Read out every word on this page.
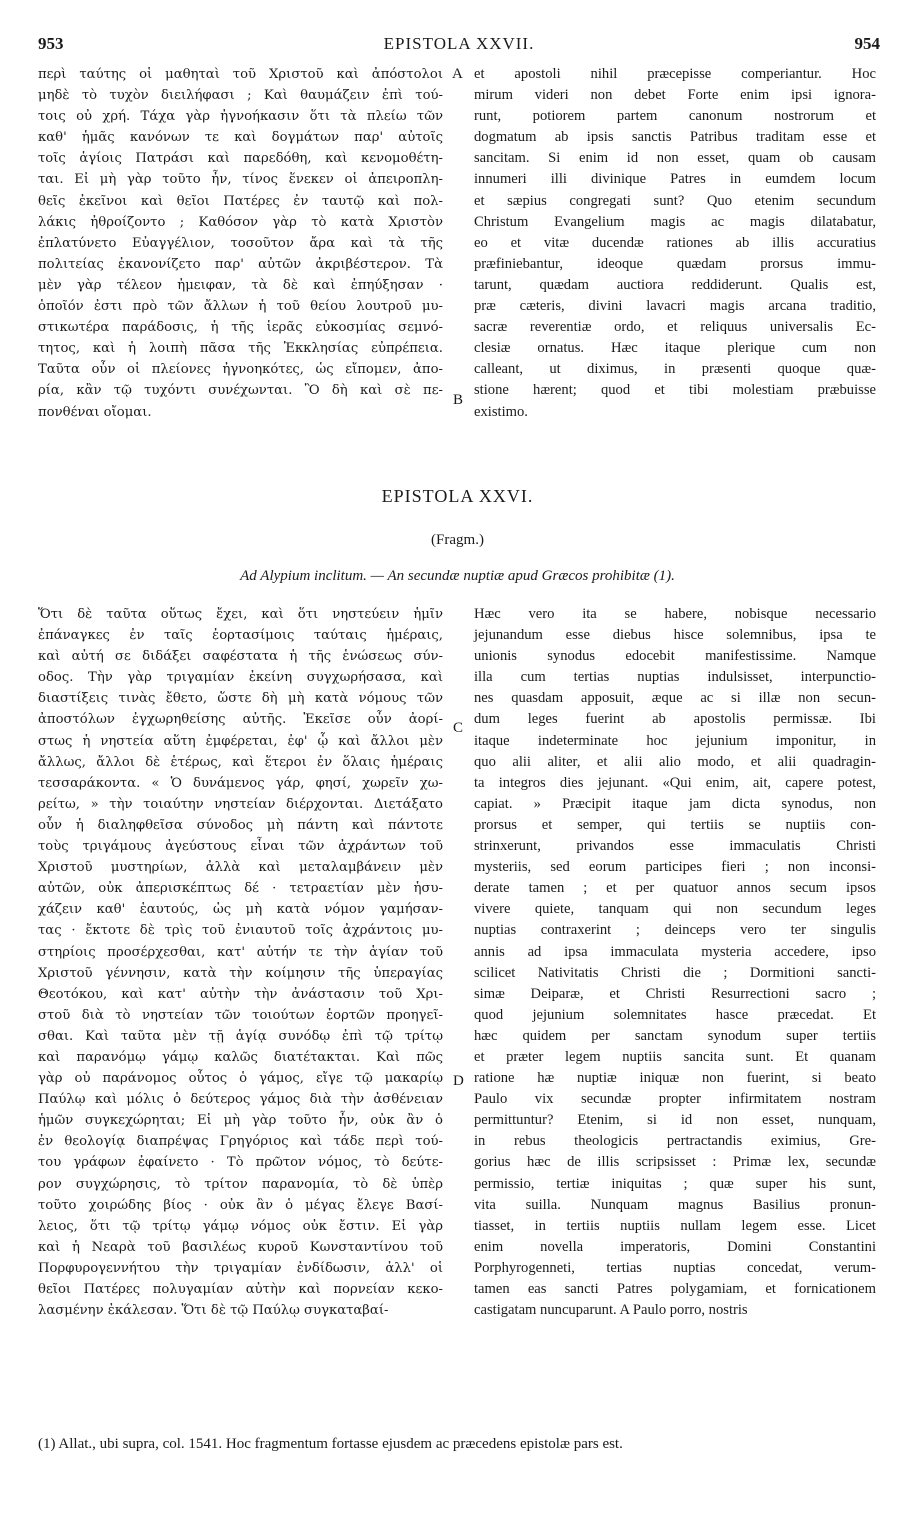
953	EPISTOLA XXVII.	954
περὶ ταύτης οἱ μαθηταὶ τοῦ Χριστοῦ καὶ ἀπόστολοι
μηδὲ τὸ τυχὸν διειλήφασι ; Καὶ θαυμάζειν ἐπὶ τού-
τοις οὐ χρή. Τάχα γὰρ ἠγνοήκασιν ὅτι τὰ πλείω τῶν
καθ' ἡμᾶς κανόνων τε καὶ δογμάτων παρ' αὐτοῖς
τοῖς ἁγίοις Πατράσι καὶ παρεδόθη, καὶ κενομοθέτη-
ται. Εἰ μὴ γὰρ τοῦτο ἦν, τίνος ἕνεκεν οἱ ἀπειροπλη-
θεῖς ἐκεῖνοι καὶ θεῖοι Πατέρες ἐν ταυτῷ καὶ πολ-
λάκις ἠθροίζοντο ; Καθόσον γὰρ τὸ κατὰ Χριστὸν
ἐπλατύνετο Εὐαγγέλιον, τοσοῦτον ἄρα καὶ τὰ τῆς
πολιτείας ἐκανονίζετο παρ' αὐτῶν ἀκριβέστερον. Τὰ
μὲν γὰρ τέλεον ἠμειφαν, τὰ δὲ καὶ ἐπηύξησαν ·
ὁποῖόν ἐστι πρὸ τῶν ἄλλων ἡ τοῦ θείου λουτροῦ μυ-
στικωτέρα παράδοσις, ἡ τῆς ἱερᾶς εὐκοσμίας σεμνό-
τητος, καὶ ἡ λοιπὴ πᾶσα τῆς Ἐκκλησίας εὐπρέπεια.
Ταῦτα οὖν οἱ πλείονες ἠγνοηκότες, ὡς εἴπομεν, ἀπο-
ρία, κἂν τῷ τυχόντι συνέχωνται. Ὃ δὴ καὶ σὲ πε-
πονθέναι οἴομαι.
et apostoli nihil præcepisse comperiantur. Hoc
mirum videri non debet Forte enim ipsi ignora-
runt, potiorem partem canonum nostrorum et
dogmatum ab ipsis sanctis Patribus traditam esse et
sancitam. Si enim id non esset, quam ob causam
innumeri illi divinique Patres in eumdem locum
et sæpius congregati sunt? Quo etenim secundum
Christum Evangelium magis ac magis dilatabatur,
eo et vitæ ducendæ rationes ab illis accuratius
præfiniebantur, ideoque quædam prorsus immu-
tarunt, quædam auctiora reddiderunt. Qualis est,
præ cæteris, divini lavacri magis arcana traditio,
sacræ reverentiæ ordo, et reliquus universalis Ec-
clesiæ ornatus. Hæc itaque plerique cum non
calleant, ut diximus, in præsenti quoque quæ-
stione hærent; quod et tibi molestiam præbuisse
existimo.
A
B
EPISTOLA XXVI.
(Fragm.)
Ad Alypium inclitum. — An secundæ nuptiæ apud Græcos prohibitæ (1).
Ὅτι δὲ ταῦτα οὕτως ἔχει, καὶ ὅτι νηστεύειν ἡμῖν
ἐπάναγκες ἐν ταῖς ἑορτασίμοις ταύταις ἡμέραις,
καὶ αὐτή σε διδάξει σαφέστατα ἡ τῆς ἑνώσεως σύν-
οδος. Τὴν γὰρ τριγαμίαν ἐκείνη συγχωρήσασα, καὶ
διαστίξεις τινὰς ἔθετο, ὥστε δὴ μὴ κατὰ νόμους τῶν
ἀποστόλων ἐγχωρηθείσης αὐτῆς. Ἐκεῖσε οὖν ἀορί-
στως ἡ νηστεία αὕτη ἐμφέρεται, ἐφ' ᾧ καὶ ἄλλοι μὲν
ἄλλως, ἄλλοι δὲ ἑτέρως, καὶ ἕτεροι ἐν ὅλαις ἡμέραις
τεσσαράκοντα. « Ὁ δυνάμενος γάρ, φησί, χωρεῖν χω-
ρείτω, » τὴν τοιαύτην νηστείαν διέρχονται. Διετάξατο
οὖν ἡ διαληφθεῖσα σύνοδος μὴ πάντη καὶ πάντοτε
τοὺς τριγάμους ἀγεύστους εἶναι τῶν ἀχράντων τοῦ
Χριστοῦ μυστηρίων, ἀλλὰ καὶ μεταλαμβάνειν μὲν
αὐτῶν, οὐκ ἀπερισκέπτως δέ · τετραετίαν μὲν ἡσυ-
χάζειν καθ' ἑαυτούς, ὡς μὴ κατὰ νόμον γαμήσαν-
τας · ἔκτοτε δὲ τρὶς τοῦ ἐνιαυτοῦ τοῖς ἀχράντοις μυ-
στηρίοις προσέρχεσθαι, κατ' αὐτήν τε τὴν ἁγίαν τοῦ
Χριστοῦ γέννησιν, κατὰ τὴν κοίμησιν τῆς ὑπεραγίας
Θεοτόκου, καὶ κατ' αὐτὴν τὴν ἀνάστασιν τοῦ Χρι-
στοῦ διὰ τὸ νηστείαν τῶν τοιούτων ἑορτῶν προηγεῖ-
σθαι. Καὶ ταῦτα μὲν τῇ ἁγίᾳ συνόδῳ ἐπὶ τῷ τρίτῳ
καὶ παρανόμῳ γάμῳ καλῶς διατέτακται. Καὶ πῶς
γὰρ οὐ παράνομος οὗτος ὁ γάμος, εἴγε τῷ μακαρίῳ
Παύλῳ καὶ μόλις ὁ δεύτερος γάμος διὰ τὴν ἀσθένειαν
ἡμῶν συγκεχώρηται; Εἰ μὴ γὰρ τοῦτο ἦν, οὐκ ἂν ὁ
ἐν θεολογίᾳ διαπρέψας Γρηγόριος καὶ τάδε περὶ τού-
του γράφων ἐφαίνετο · Τὸ πρῶτον νόμος, τὸ δεύτε-
ρον συγχώρησις, τὸ τρίτον παρανομία, τὸ δὲ ὑπὲρ
τοῦτο χοιρώδης βίος · οὐκ ἂν ὁ μέγας ἔλεγε Βασί-
λειος, ὅτι τῷ τρίτῳ γάμῳ νόμος οὐκ ἔστιν. Εἰ γὰρ
καὶ ἡ Νεαρὰ τοῦ βασιλέως κυροῦ Κωνσταντίνου τοῦ
Πορφυρογεννήτου τὴν τριγαμίαν ἐνδίδωσιν, ἀλλ' οἱ
θεῖοι Πατέρες πολυγαμίαν αὐτὴν καὶ πορνείαν κεκο-
λασμένην ἐκάλεσαν. Ὅτι δὲ τῷ Παύλῳ συγκαταβαί-
Hæc vero ita se habere, nobisque necessario
jejunandum esse diebus hisce solemnibus, ipsa te
unionis synodus edocebit manifestissime. Namque
illa cum tertias nuptias indulsisset, interpunctio-
nes quasdam apposuit, æque ac si illæ non secun-
dum leges fuerint ab apostolis permissæ. Ibi
itaque indeterminate hoc jejunium imponitur, in
quo alii aliter, et alii alio modo, et alii quadragin-
ta integros dies jejunant. «Qui enim, ait, capere potest,
capiat. » Præcipit itaque jam dicta synodus, non
prorsus et semper, qui tertiis se nuptiis con-
strinxerunt, privandos esse immaculatis Christi
mysteriis, sed eorum participes fieri ; non inconsi-
derate tamen ; et per quatuor annos secum ipsos
vivere quiete, tanquam qui non secundum leges
nuptias contraxerint ; deinceps vero ter singulis
annis ad ipsa immaculata mysteria accedere, ipso
scilicet Nativitatis Christi die ; Dormitioni sancti-
simæ Deiparæ, et Christi Resurrectioni sacro ;
quod jejunium solemnitates hasce præcedat. Et
hæc quidem per sanctam synodum super tertiis
et præter legem nuptiis sancita sunt. Et quanam
ratione hæ nuptiæ iniquæ non fuerint, si beato
Paulo vix secundæ propter infirmitatem nostram
permittuntur? Etenim, si id non esset, nunquam,
in rebus theologicis pertractandis eximius, Gre-
gorius hæc de illis scripsisset : Primæ lex, secundæ
permissio, tertiæ iniquitas ; quæ super his sunt,
vita suilla. Nunquam magnus Basilius pronun-
tiasset, in tertiis nuptiis nullam legem esse. Licet
enim novella imperatoris, Domini Constantini
Porphyrogenneti, tertias nuptias concedat, verum-
tamen eas sancti Patres polygamiam, et fornicationem
castigatam nuncuparunt. A Paulo porro, nostris
C
D
(1) Allat., ubi supra, col. 1541. Hoc fragmentum fortasse ejusdem ac præcedens epistolæ pars est.
